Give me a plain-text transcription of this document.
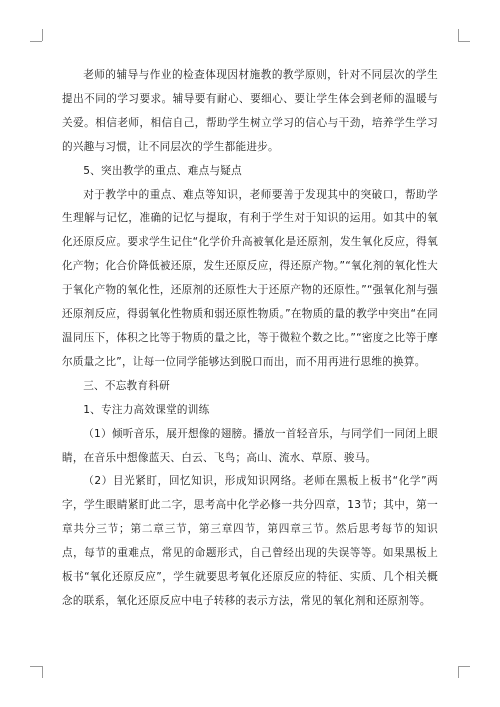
老师的辅导与作业的检查体现因材施教的教学原则，针对不同层次的学生提出不同的学习要求。辅导要有耐心、要细心、要让学生体会到老师的温暖与关爱。相信老师，相信自己，帮助学生树立学习的信心与干劲，培养学生学习的兴趣与习惯，让不同层次的学生都能进步。

5、突出教学的重点、难点与疑点

对于教学中的重点、难点等知识，老师要善于发现其中的突破口，帮助学生理解与记忆，准确的记忆与提取，有利于学生对于知识的运用。如其中的氧化还原反应。要求学生记住“化学价升高被氧化是还原剂，发生氧化反应，得氧化产物；化合价降低被还原，发生还原反应，得还原产物。”“氧化剂的氧化性大于氧化产物的氧化性，还原剂的还原性大于还原产物的还原性。”“强氧化剂与强还原剂反应，得弱氧化性物质和弱还原性物质。”在物质的量的教学中突出“在同温同压下，体积之比等于物质的量之比，等于微粒个数之比。”“密度之比等于摩尔质量之比”，让每一位同学能够达到脱口而出，而不用再进行思维的换算。

三、不忘教育科研

1、专注力高效课堂的训练

（1）倾听音乐，展开想像的翅膀。播放一首轻音乐，与同学们一同闭上眼睛，在音乐中想像蓝天、白云、飞鸟；高山、流水、草原、骏马。

（2）目光紧盯，回忆知识，形成知识网络。老师在黑板上板书“化学”两字，学生眼睛紧盯此二字，思考高中化学必修一共分四章，13节；其中，第一章共分三节；第二章三节，第三章四节，第四章三节。然后思考每节的知识点，每节的重难点，常见的命题形式，自己曾经出现的失误等等。如果黑板上板书“氧化还原反应”，学生就要思考氧化还原反应的特征、实质、几个相关概念的联系，氧化还原反应中电子转移的表示方法，常见的氧化剂和还原剂等。
